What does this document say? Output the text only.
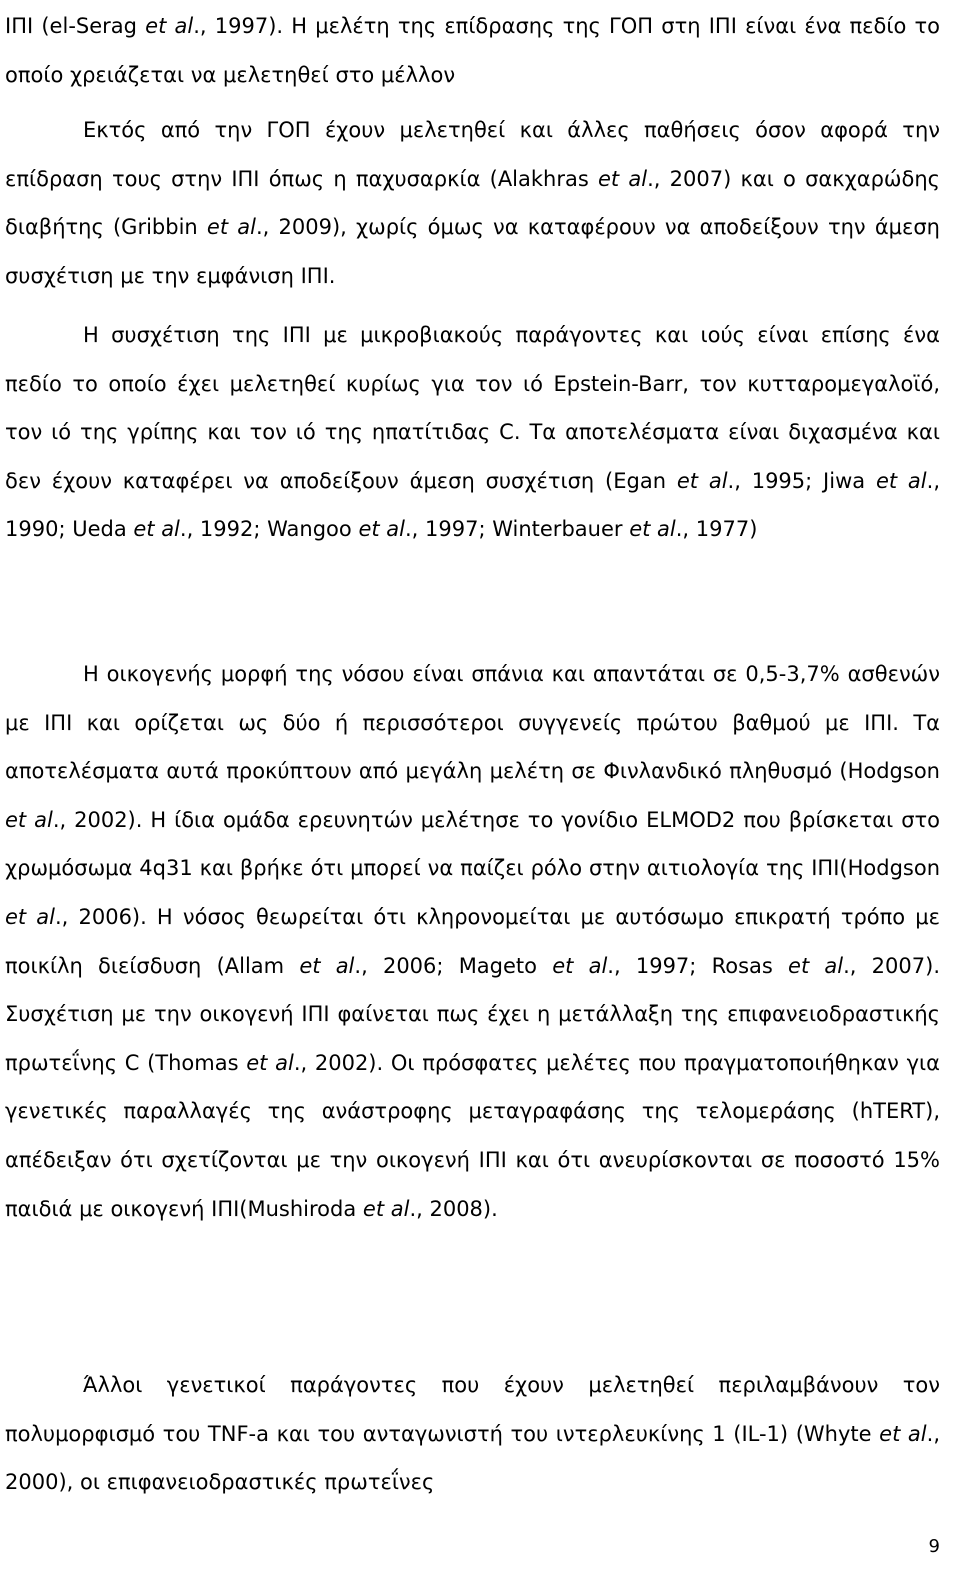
ΙΠΙ (el-Serag et al., 1997). Η μελέτη της επίδρασης της ΓΟΠ στη ΙΠΙ είναι ένα πεδίο το οποίο χρειάζεται να μελετηθεί στο μέλλον

Εκτός από την ΓΟΠ έχουν μελετηθεί και άλλες παθήσεις όσον αφορά την επίδραση τους στην ΙΠΙ όπως η παχυσαρκία (Alakhras et al., 2007) και ο σακχαρώδης διαβήτης (Gribbin et al., 2009), χωρίς όμως να καταφέρουν να αποδείξουν την άμεση συσχέτιση με την εμφάνιση ΙΠΙ.

Η συσχέτιση της ΙΠΙ με μικροβιακούς παράγοντες και ιούς είναι επίσης ένα πεδίο το οποίο έχει μελετηθεί κυρίως για τον ιό Epstein-Barr, τον κυτταρομεγαλοϊό, τον ιό της γρίπης και τον ιό της ηπατίτιδας C. Τα αποτελέσματα είναι διχασμένα και δεν έχουν καταφέρει να αποδείξουν άμεση συσχέτιση (Egan et al., 1995; Jiwa et al., 1990; Ueda et al., 1992; Wangoo et al., 1997; Winterbauer et al., 1977)

Η οικογενής μορφή της νόσου είναι σπάνια και απαντάται σε 0,5-3,7% ασθενών με ΙΠΙ και ορίζεται ως δύο ή περισσότεροι συγγενείς πρώτου βαθμού με ΙΠΙ. Τα αποτελέσματα αυτά προκύπτουν από μεγάλη μελέτη σε Φινλανδικό πληθυσμό (Hodgson et al., 2002). Η ίδια ομάδα ερευνητών μελέτησε το γονίδιο ELMOD2 που βρίσκεται στο χρωμόσωμα 4q31 και βρήκε ότι μπορεί να παίζει ρόλο στην αιτιολογία της ΙΠΙ(Hodgson et al., 2006). Η νόσος θεωρείται ότι κληρονομείται με αυτόσωμο επικρατή τρόπο με ποικίλη διείσδυση (Allam et al., 2006; Mageto et al., 1997; Rosas et al., 2007). Συσχέτιση με την οικογενή ΙΠΙ φαίνεται πως έχει η μετάλλαξη της επιφανειοδραστικής πρωτεΐνης C (Thomas et al., 2002). Οι πρόσφατες μελέτες που πραγματοποιήθηκαν για γενετικές παραλλαγές της ανάστροφης μεταγραφάσης της τελομεράσης (hTERT), απέδειξαν ότι σχετίζονται με την οικογενή ΙΠΙ και ότι ανευρίσκονται σε ποσοστό 15% παιδιά με οικογενή ΙΠΙ(Mushiroda et al., 2008).

Άλλοι γενετικοί παράγοντες που έχουν μελετηθεί περιλαμβάνουν τον πολυμορφισμό του TNF-a και του ανταγωνιστή του ιντερλευκίνης 1 (IL-1) (Whyte et al., 2000), οι επιφανειοδραστικές πρωτεΐνες

9
